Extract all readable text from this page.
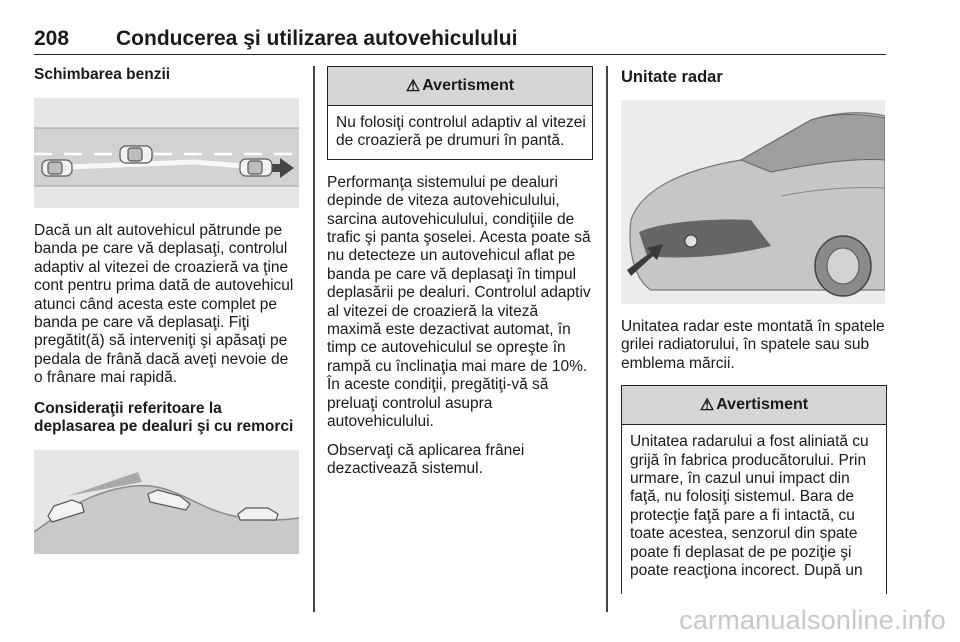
208 Conducerea şi utilizarea autovehiculului
Schimbarea benzii

Dacă un alt autovehicul pătrunde pe banda pe care vă deplasaţi, controlul adaptiv al vitezei de croazieră va ţine cont pentru prima dată de autovehicul atunci când acesta este complet pe banda pe care vă deplasaţi. Fiţi pregătit(ă) să interveniţi şi apăsaţi pe pedala de frână dacă aveţi nevoie de o frânare mai rapidă.

Consideraţii referitoare la deplasarea pe dealuri şi cu remorci
⚠ Avertisment
Nu folosiţi controlul adaptiv al vitezei de croazieră pe drumuri în pantă.

Performanţa sistemului pe dealuri depinde de viteza autovehiculului, sarcina autovehiculului, condiţiile de trafic şi panta şoselei. Acesta poate să nu detecteze un autovehicul aflat pe banda pe care vă deplasaţi în timpul deplasării pe dealuri. Controlul adaptiv al vitezei de croazieră la viteză maximă este dezactivat automat, în timp ce autovehiculul se opreşte în rampă cu înclinaţia mai mare de 10%. În aceste condiţii, pregătiţi-vă să preluaţi controlul asupra autovehiculului.

Observaţi că aplicarea frânei dezactivează sistemul.

Unitate radar

Unitatea radar este montată în spatele grilei radiatorului, în spatele sau sub emblema mărcii.

⚠ Avertisment
Unitatea radarului a fost aliniată cu grijă în fabrica producătorului. Prin urmare, în cazul unui impact din faţă, nu folosiţi sistemul. Bara de protecţie faţă pare a fi intactă, cu toate acestea, senzorul din spate poate fi deplasat de pe poziţie şi poate reacţiona incorect. După un
carmanualsonline.info
